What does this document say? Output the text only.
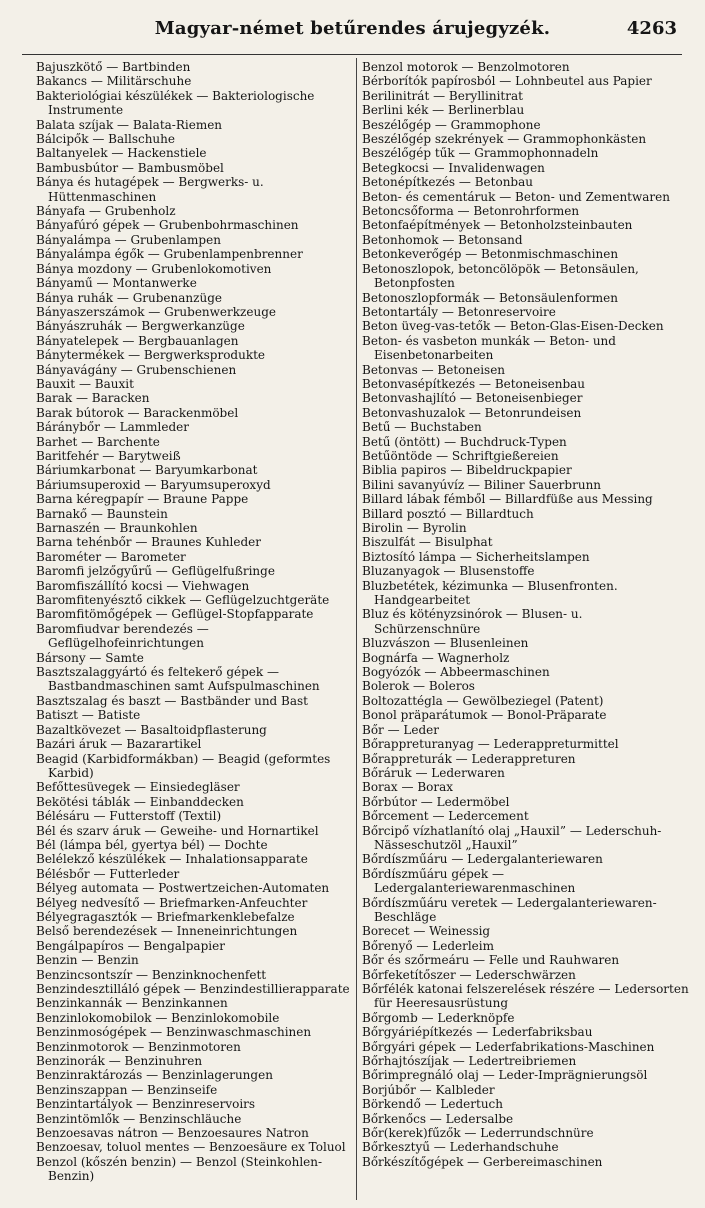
Magyar-német betűrendes árujegyzék.	4263

Bajuszkötő — Bartbinden

Bakancs — Militärschuhe

Bakteriológiai készülékek — Bakteriologische Instrumente

Balata szíjak — Balata-Riemen

Bálcipők — Ballschuhe

Baltanyelek — Hackenstiele

Bambusbútor — Bambusmöbel

Bánya és hutagépek — Bergwerks- u. Hüttenmaschinen

Bányafa — Grubenholz

Bányafúró gépek — Grubenbohrmaschinen

Bányalámpa — Grubenlampen

Bányalámpa égők — Grubenlampenbrenner

Bánya mozdony — Grubenlokomotiven

Bányamű — Montanwerke

Bánya ruhák — Grubenanzüge

Bányaszerszámok — Grubenwerkzeuge

Bányászruhák — Bergwerkanzüge

Bányatelepek — Bergbauanlagen

Bánytermékek — Bergwerksprodukte

Bányavágány — Grubenschienen

Bauxit — Bauxit

Barak — Baracken

Barak bútorok — Barackenmöbel

Báránybőr — Lammleder

Barhet — Barchente

Baritfehér — Barytweiß

Báriumkarbonat — Baryumkarbonat

Báriumsuperoxid — Baryumsuperoxyd

Barna kéregpapír — Braune Pappe

Barnakő — Baunstein

Barnaszén — Braunkohlen

Barna tehénbőr — Braunes Kuhleder

Barométer — Barometer

Baromfi jelzőgyűrű — Geflügelfußringe

Baromfiszállító kocsi — Viehwagen

Baromfitenyésztő cikkek — Geflügelzuchtgeräte

Baromfitömőgépek — Geflügel-Stopfapparate

Baromfiudvar berendezés — Geflügelhofeinrichtungen

Bársony — Samte

Basztszalaggyártó és feltekerő gépek — Bastbandmaschinen samt Aufspulmaschinen

Basztszalag és baszt — Bastbänder und Bast

Batiszt — Batiste

Bazaltkövezet — Basaltoidpflasterung

Bazári áruk — Bazarartikel

Beagid (Karbidformákban) — Beagid (geformtes Karbid)

Befőttesüvegek — Einsiedegläser

Bekötési táblák — Einbanddecken

Bélésáru — Futterstoff (Textil)

Bél és szarv áruk — Geweihe- und Hornartikel

Bél (lámpa bél, gyertya bél) — Dochte

Belélekző készülékek — Inhalationsapparate

Bélésbőr — Futterleder

Bélyeg automata — Postwertzeichen-Automaten

Bélyeg nedvesítő — Briefmarken-Anfeuchter

Bélyegragasztók — Briefmarkenklebefalze

Belső berendezések — Inneneinrichtungen

Bengálpapíros — Bengalpapier

Benzin — Benzin

Benzincsontszír — Benzinknochenfett

Benzindesztilláló gépek — Benzindestillierapparate

Benzinkannák — Benzinkannen

Benzinlokomobilok — Benzinlokomobile

Benzinmosógépek — Benzinwaschmaschinen

Benzinmotorok — Benzinmotoren

Benzinorák — Benzinuhren

Benzinraktározás — Benzinlagerungen

Benzinszappan — Benzinseife

Benzintartályok — Benzinreservoirs

Benzintömlők — Benzinschläuche

Benzoesavas nátron — Benzoesaures Natron

Benzoesav, toluol mentes — Benzoesäure ex Toluol

Benzol (kőszén benzin) — Benzol (Steinkohlen-Benzin)

Benzol motorok — Benzolmotoren

Bérborítók papírosból — Lohnbeutel aus Papier

Berilinitrát — Beryllinitrat

Berlini kék — Berlinerblau

Beszélőgép — Grammophone

Beszélőgép szekrények — Grammophonkästen

Beszélőgép tűk — Grammophonnadeln

Betegkocsi — Invalidenwagen

Betonépítkezés — Betonbau

Beton- és cementáruk — Beton- und Zementwaren

Betoncsőforma — Betonrohrformen

Betonfaépítmények — Betonholzsteinbauten

Betonhomok — Betonsand

Betonkeverőgép — Betonmischmaschinen

Betonoszlopok, betoncölöpök — Betonsäulen, Betonpfosten

Betonoszlopformák — Betonsäulenformen

Betontartály — Betonreservoire

Beton üveg-vas-tetők — Beton-Glas-Eisen-Decken

Beton- és vasbeton munkák — Beton- und Eisenbetonarbeiten

Betonvas — Betoneisen

Betonvasépítkezés — Betoneisenbau

Betonvashajlító — Betoneisenbieger

Betonvashuzalok — Betonrundeisen

Betű — Buchstaben

Betű (öntött) — Buchdruck-Typen

Betűöntöde — Schriftgießereien

Biblia papiros — Bibeldruckpapier

Bilini savanyúvíz — Biliner Sauerbrunn

Billard lábak fémből — Billardfüße aus Messing

Billard posztó — Billardtuch

Birolin — Byrolin

Biszulfát — Bisulphat

Biztosító lámpa — Sicherheitslampen

Bluzanyagok — Blusenstoffe

Bluzbetétek, kézimunka — Blusenfronten. Handgearbeitet

Bluz és kötényzsinórok — Blusen- u. Schürzenschnüre

Bluzvászon — Blusenleinen

Bognárfa — Wagnerholz

Bogyózók — Abbeermaschinen

Bolerok — Boleros

Boltozattégla — Gewölbeziegel (Patent)

Bonol präparátumok — Bonol-Präparate

Bőr — Leder

Bőrappreturanyag — Lederappreturmittel

Bőrappreturák — Lederappreturen

Bőráruk — Lederwaren

Borax — Borax

Bőrbútor — Ledermöbel

Bőrcement — Ledercement

Bőrcipő vízhatlanító olaj „Hauxil” — Lederschuh-Nässeschutzöl „Hauxil”

Bőrdíszműáru — Ledergalanteriewaren

Bőrdíszműáru gépek — Ledergalanteriewarenmaschinen

Bőrdíszműáru veretek — Ledergalanteriewaren-Beschläge

Borecet — Weinessig

Bőrenyő — Lederleim

Bőr és szőrmeáru — Felle und Rauhwaren

Bőrfeketítőszer — Lederschwärzen

Bőrfélék katonai felszerelések részére — Ledersorten für Heeresausrüstung

Bőrgomb — Lederknöpfe

Bőrgyáriépítkezés — Lederfabriksbau

Bőrgyári gépek — Lederfabrikations-Maschinen

Bőrhajtószíjak — Ledertreibriemen

Bőrimpregnáló olaj — Leder-Imprägnierungsöl

Borjúbőr — Kalbleder

Börkendő — Ledertuch

Bőrkenőcs — Ledersalbe

Bőr(kerek)fűzők — Lederrundschnüre

Bőrkesztyű — Lederhandschuhe

Bőrkészítőgépek — Gerbereimaschinen
